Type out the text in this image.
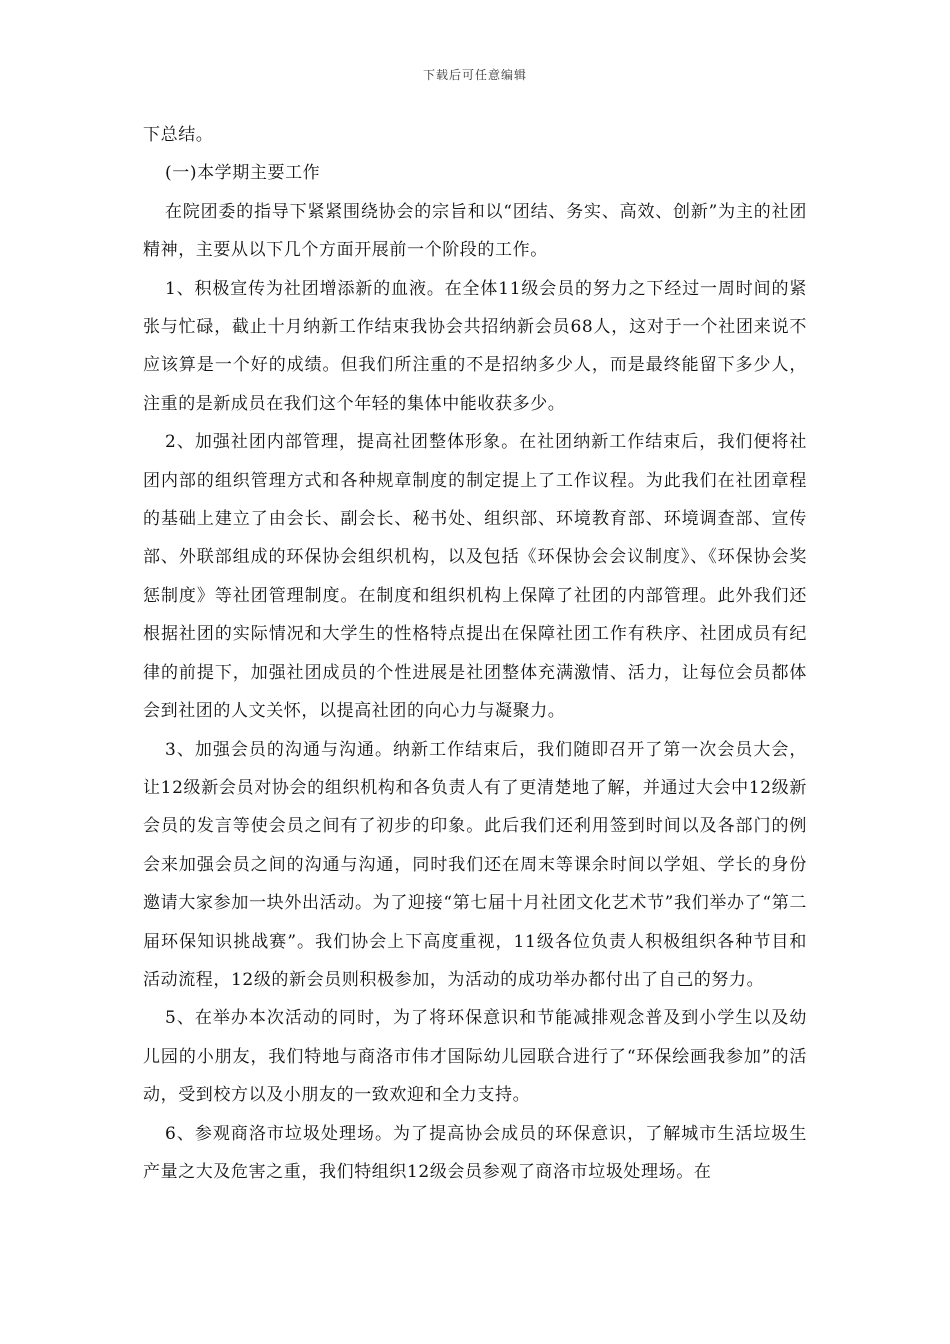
下载后可任意编辑

下总结。

(一)本学期主要工作

在院团委的指导下紧紧围绕协会的宗旨和以“团结、务实、高效、创新”为主的社团精神，主要从以下几个方面开展前一个阶段的工作。

1、积极宣传为社团增添新的血液。在全体11级会员的努力之下经过一周时间的紧张与忙碌，截止十月纳新工作结束我协会共招纳新会员68人，这对于一个社团来说不应该算是一个好的成绩。但我们所注重的不是招纳多少人，而是最终能留下多少人，注重的是新成员在我们这个年轻的集体中能收获多少。

2、加强社团内部管理，提高社团整体形象。在社团纳新工作结束后，我们便将社团内部的组织管理方式和各种规章制度的制定提上了工作议程。为此我们在社团章程的基础上建立了由会长、副会长、秘书处、组织部、环境教育部、环境调查部、宣传部、外联部组成的环保协会组织机构，以及包括《环保协会会议制度》、《环保协会奖惩制度》等社团管理制度。在制度和组织机构上保障了社团的内部管理。此外我们还根据社团的实际情况和大学生的性格特点提出在保障社团工作有秩序、社团成员有纪律的前提下，加强社团成员的个性进展是社团整体充满激情、活力，让每位会员都体会到社团的人文关怀，以提高社团的向心力与凝聚力。

3、加强会员的沟通与沟通。纳新工作结束后，我们随即召开了第一次会员大会，让12级新会员对协会的组织机构和各负责人有了更清楚地了解，并通过大会中12级新会员的发言等使会员之间有了初步的印象。此后我们还利用签到时间以及各部门的例会来加强会员之间的沟通与沟通，同时我们还在周末等课余时间以学姐、学长的身份邀请大家参加一块外出活动。为了迎接“第七届十月社团文化艺术节”我们举办了“第二届环保知识挑战赛”。我们协会上下高度重视，11级各位负责人积极组织各种节目和活动流程，12级的新会员则积极参加，为活动的成功举办都付出了自己的努力。

5、在举办本次活动的同时，为了将环保意识和节能减排观念普及到小学生以及幼儿园的小朋友，我们特地与商洛市伟才国际幼儿园联合进行了“环保绘画我参加”的活动，受到校方以及小朋友的一致欢迎和全力支持。

6、参观商洛市垃圾处理场。为了提高协会成员的环保意识，了解城市生活垃圾生产量之大及危害之重，我们特组织12级会员参观了商洛市垃圾处理场。在
